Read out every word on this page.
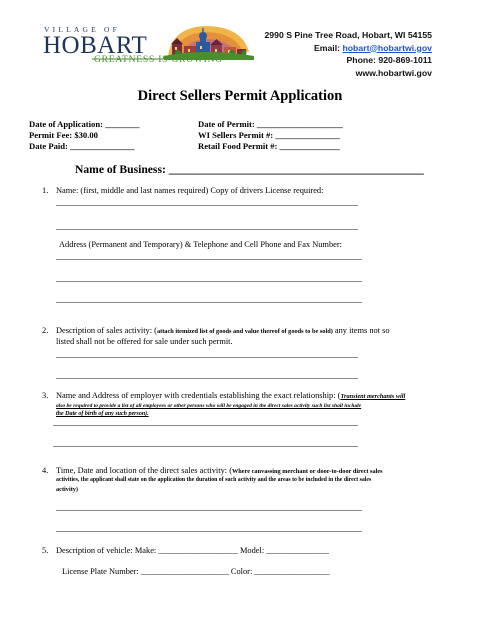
VILLAGE OF
HOBART
GREATNESS IS GROWING
2990 S Pine Tree Road, Hobart, WI 54155
Email: hobart@hobartwi.gov
Phone: 920-869-1011
www.hobartwi.gov
Direct Sellers Permit Application
Date of Application: ________
Permit Fee: $30.00
Date Paid: _______________
Date of Permit: ____________________
WI Sellers Permit #: _______________
Retail Food Permit #: ______________
Name of Business: ____________________________________________
1. Name: (first, middle and last names required) Copy of drivers License required:
Address (Permanent and Temporary) & Telephone and Cell Phone and Fax Number:
2. Description of sales activity: (attach itemized list of goods and value thereof of goods to be sold) any items not so
listed shall not be offered for sale under such permit.
3. Name and Address of employer with credentials establishing the exact relationship: (Transient merchants will
also be required to provide a list of all employees or other persons who will be engaged in the direct sales activity such list shall include
the Date of birth of any such person).
4. Time, Date and location of the direct sales activity: (Where canvassing merchant or door-to-door direct sales
activities, the applicant shall state on the application the duration of such activity and the areas to be included in the direct sales
activity)
5. Description of vehicle: Make: ___________________ Model: _______________
License Plate Number: _____________________ Color: __________________
